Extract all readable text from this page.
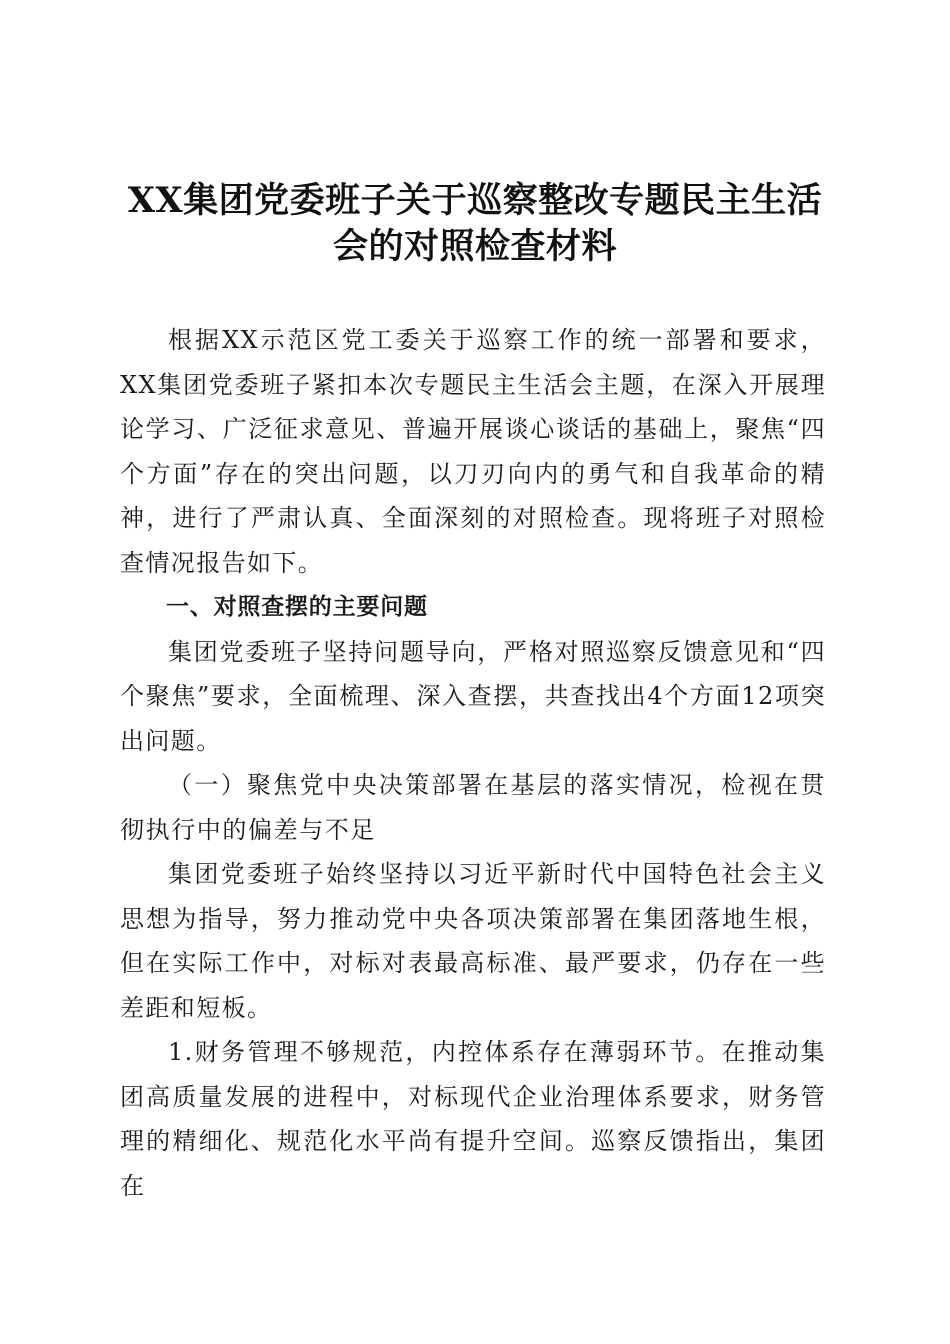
XX集团党委班子关于巡察整改专题民主生活
会的对照检查材料

根据XX示范区党工委关于巡察工作的统一部署和要求，XX集团党委班子紧扣本次专题民主生活会主题，在深入开展理论学习、广泛征求意见、普遍开展谈心谈话的基础上，聚焦“四个方面”存在的突出问题，以刀刃向内的勇气和自我革命的精神，进行了严肃认真、全面深刻的对照检查。现将班子对照检查情况报告如下。

一、对照查摆的主要问题

集团党委班子坚持问题导向，严格对照巡察反馈意见和“四个聚焦”要求，全面梳理、深入查摆，共查找出4个方面12项突出问题。

（一）聚焦党中央决策部署在基层的落实情况，检视在贯彻执行中的偏差与不足

集团党委班子始终坚持以习近平新时代中国特色社会主义思想为指导，努力推动党中央各项决策部署在集团落地生根，但在实际工作中，对标对表最高标准、最严要求，仍存在一些差距和短板。

1.财务管理不够规范，内控体系存在薄弱环节。在推动集团高质量发展的进程中，对标现代企业治理体系要求，财务管理的精细化、规范化水平尚有提升空间。巡察反馈指出，集团在
